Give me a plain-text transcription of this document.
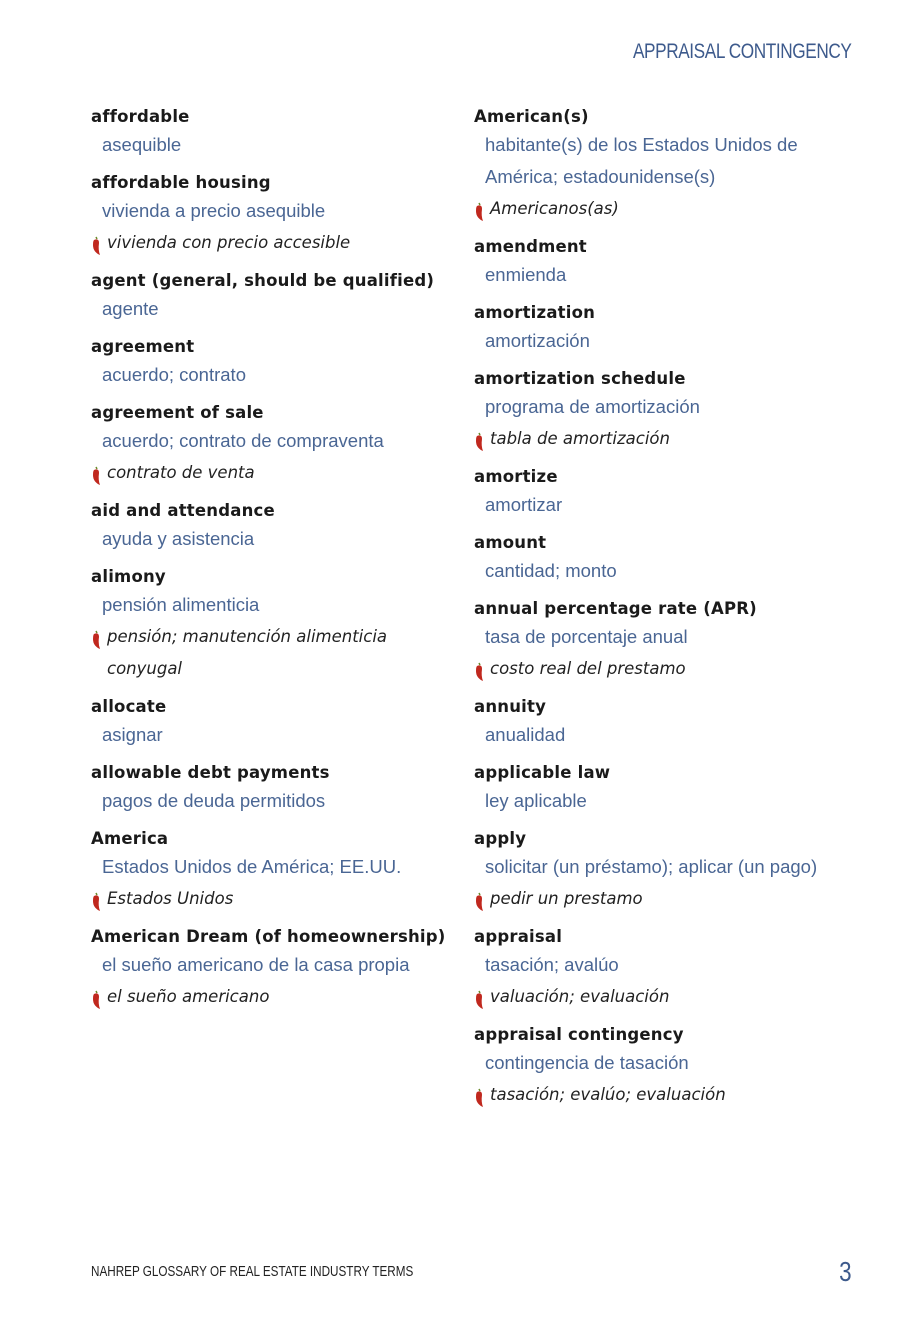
APPRAISAL CONTINGENCY
affordable
asequible
affordable housing
vivienda a precio asequible
vivienda con precio accesible
agent (general, should be qualified)
agente
agreement
acuerdo; contrato
agreement of sale
acuerdo; contrato de compraventa
contrato de venta
aid and attendance
ayuda y asistencia
alimony
pensión alimenticia
pensión; manutención alimenticia
conyugal
allocate
asignar
allowable debt payments
pagos de deuda permitidos
America
Estados Unidos de América; EE.UU.
Estados Unidos
American Dream (of homeownership)
el sueño americano de la casa propia
el sueño americano
American(s)
habitante(s) de los Estados Unidos de
América; estadounidense(s)
Americanos(as)
amendment
enmienda
amortization
amortización
amortization schedule
programa de amortización
tabla de amortización
amortize
amortizar
amount
cantidad; monto
annual percentage rate (APR)
tasa de porcentaje anual
costo real del prestamo
annuity
anualidad
applicable law
ley aplicable
apply
solicitar (un préstamo); aplicar (un pago)
pedir un prestamo
appraisal
tasación; avalúo
valuación; evaluación
appraisal contingency
contingencia de tasación
tasación; evalúo; evaluación
NAHREP GLOSSARY OF REAL ESTATE INDUSTRY TERMS	3
